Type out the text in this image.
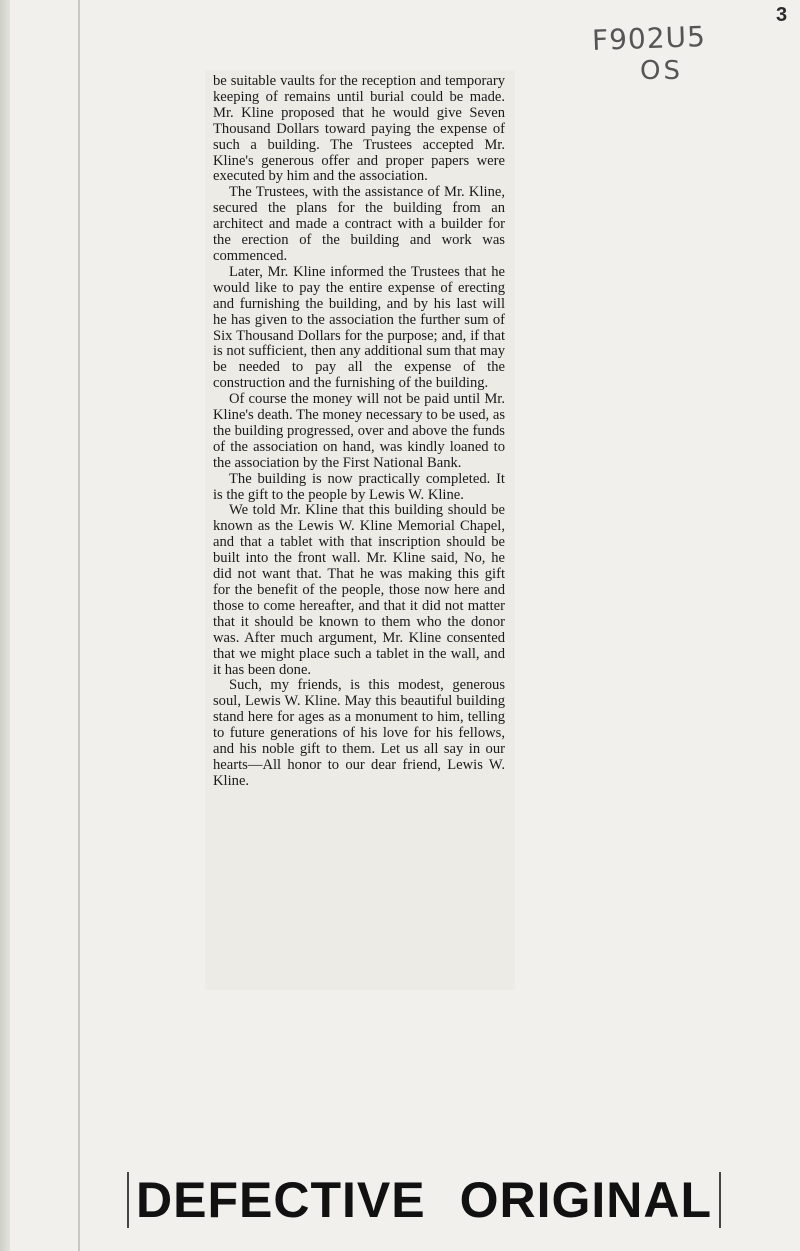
3
F902U5
OS

be suitable vaults for the reception and temporary keeping of remains until burial could be made. Mr. Kline proposed that he would give Seven Thousand Dollars toward paying the expense of such a building. The Trustees accepted Mr. Kline's generous offer and proper papers were executed by him and the association.

The Trustees, with the assistance of Mr. Kline, secured the plans for the building from an architect and made a contract with a builder for the erection of the building and work was commenced.

Later, Mr. Kline informed the Trustees that he would like to pay the entire expense of erecting and furnishing the building, and by his last will he has given to the association the further sum of Six Thousand Dollars for the purpose; and, if that is not sufficient, then any additional sum that may be needed to pay all the expense of the construction and the furnishing of the building.

Of course the money will not be paid until Mr. Kline's death. The money necessary to be used, as the building progressed, over and above the funds of the association on hand, was kindly loaned to the association by the First National Bank.

The building is now practically completed. It is the gift to the people by Lewis W. Kline.

We told Mr. Kline that this building should be known as the Lewis W. Kline Memorial Chapel, and that a tablet with that inscription should be built into the front wall. Mr. Kline said, No, he did not want that. That he was making this gift for the benefit of the people, those now here and those to come hereafter, and that it did not matter that it should be known to them who the donor was. After much argument, Mr. Kline consented that we might place such a tablet in the wall, and it has been done.

Such, my friends, is this modest, generous soul, Lewis W. Kline. May this beautiful building stand here for ages as a monument to him, telling to future generations of his love for his fellows, and his noble gift to them. Let us all say in our hearts—All honor to our dear friend, Lewis W. Kline.

DEFECTIVE ORIGINAL
